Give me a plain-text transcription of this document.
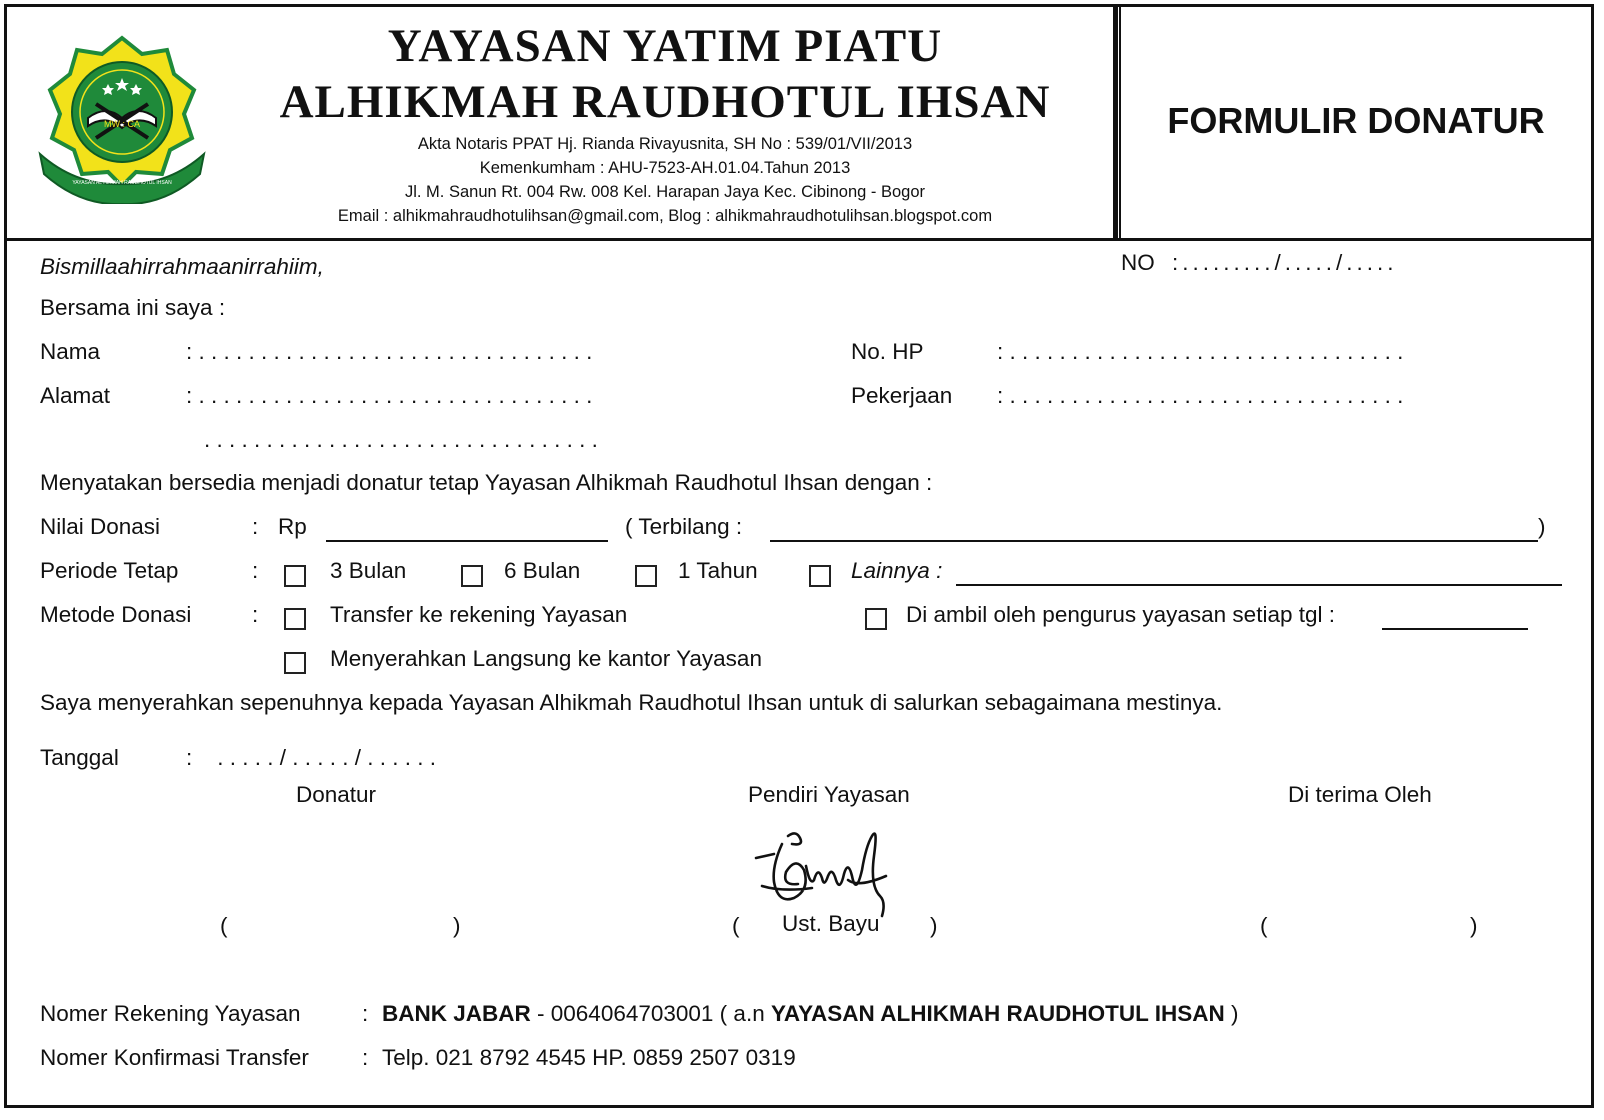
MW : CA
YAYASAN AL HIKMAH RAUDHOTUL IHSAN
YAYASAN YATIM PIATU
ALHIKMAH RAUDHOTUL IHSAN
Akta Notaris PPAT Hj. Rianda Rivayusnita, SH No : 539/01/VII/2013
Kemenkumham : AHU-7523-AH.01.04.Tahun 2013
Jl. M. Sanun Rt. 004 Rw. 008 Kel. Harapan Jaya Kec. Cibinong - Bogor
Email : alhikmahraudhotulihsan@gmail.com, Blog : alhikmahraudhotulihsan.blogspot.com
FORMULIR DONATUR
Bismillaahirrahmaanirrahiim,	NO :........./...../.....
Bersama ini saya :
Nama	: . . . . . . . . . . . . . . . . . . . . . . . . . . . . . . . .	No. HP	: . . . . . . . . . . . . . . . . . . . . . . . . . . . . . . . .
Alamat	: . . . . . . . . . . . . . . . . . . . . . . . . . . . . . . . .	Pekerjaan : . . . . . . . . . . . . . . . . . . . . . . . . . . . . . . . .
. . . . . . . . . . . . . . . . . . . . . . . . . . . . . . . .
Menyatakan bersedia menjadi donatur tetap Yayasan Alhikmah Raudhotul Ihsan dengan :
Nilai Donasi	: Rp	( Terbilang :	)
Periode Tetap	:	3 Bulan	6 Bulan	1 Tahun	Lainnya :
Metode Donasi	:	Transfer ke rekening Yayasan	Di ambil oleh pengurus yayasan setiap tgl :
Menyerahkan Langsung ke kantor Yayasan
Saya menyerahkan sepenuhnya kepada Yayasan Alhikmah Raudhotul Ihsan untuk di salurkan sebagaimana mestinya.
Tanggal	:    . . . . . / . . . . . / . . . . . .
Donatur	Pendiri Yayasan	Di terima Oleh
(	)	( Ust. Bayu )	(	)
Nomer Rekening Yayasan	: BANK JABAR - 0064064703001 ( a.n YAYASAN ALHIKMAH RAUDHOTUL IHSAN )
Nomer Konfirmasi Transfer : Telp. 021 8792 4545 HP. 0859 2507 0319
